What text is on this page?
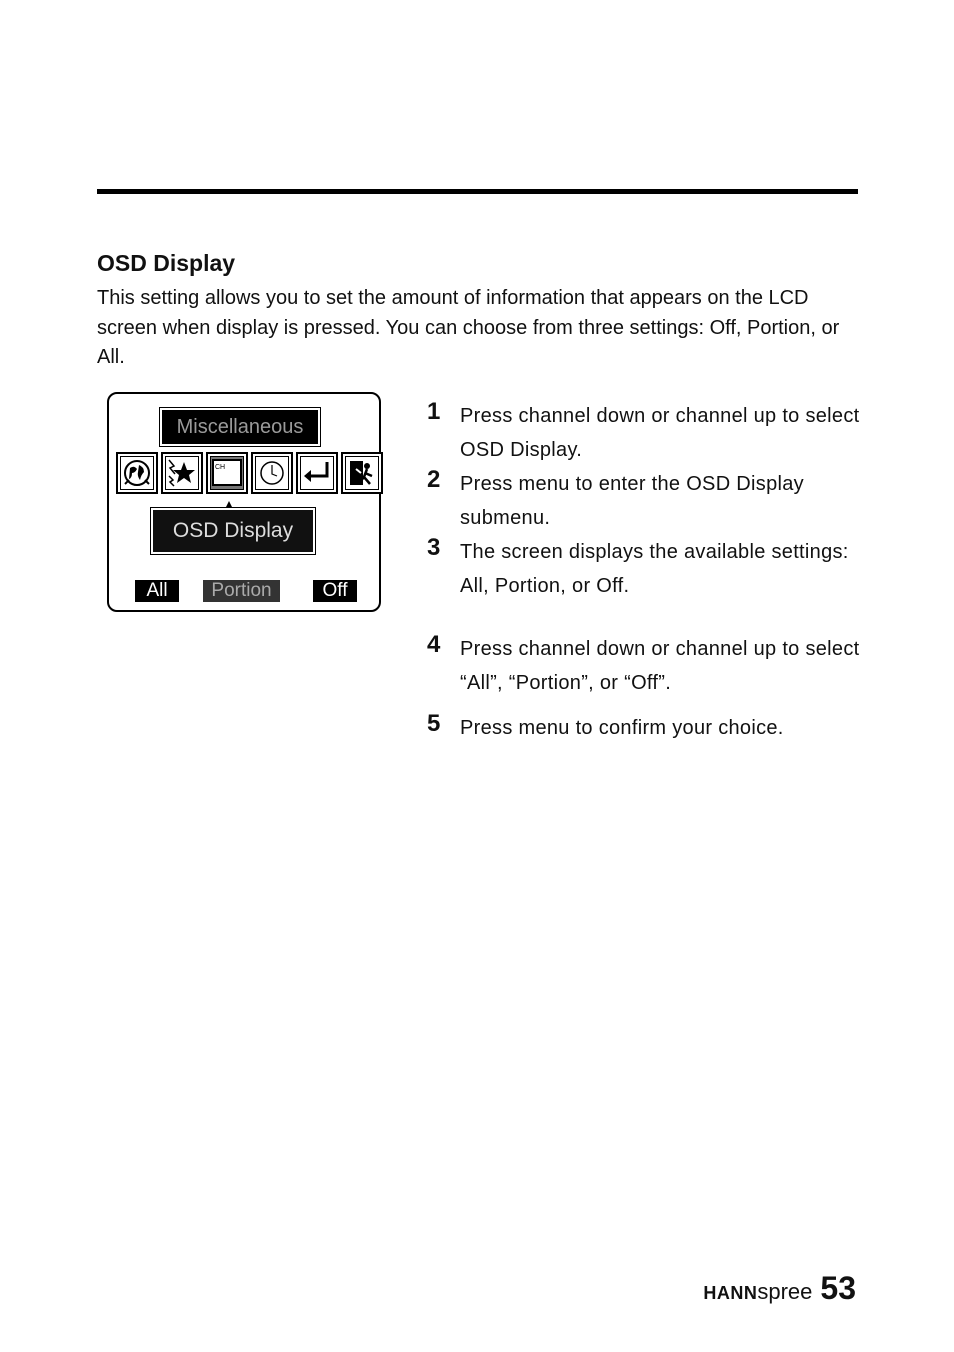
OSD Display

This setting allows you to set the amount of information that appears on the LCD screen when display is pressed. You can choose from three settings: Off, Portion, or All.

Miscellaneous
CH
OSD Display
All	Portion	Off
1 Press channel down or channel up to select OSD Display.
2 Press menu to enter the OSD Display submenu.
3 The screen displays the available settings: All, Portion, or Off.
4 Press channel down or channel up to select “All”, “Portion”, or “Off”.
5 Press menu to confirm your choice.
HANNspree 53
